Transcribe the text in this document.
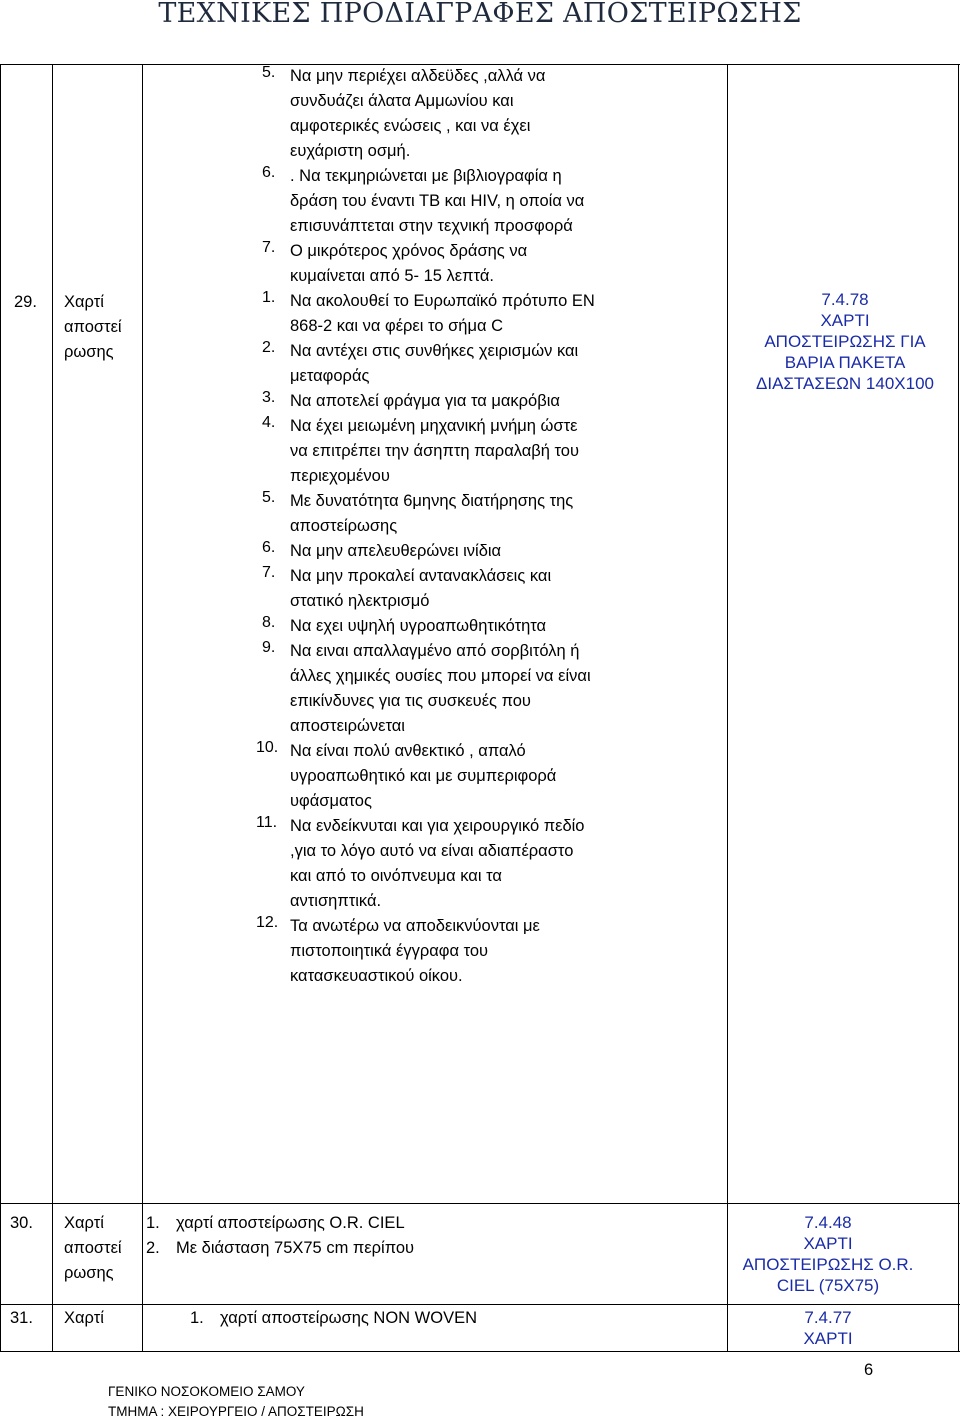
ΤΕΧΝΙΚΕΣ ΠΡΟΔΙΑΓΡΑΦΕΣ ΑΠΟΣΤΕΙΡΩΣΗΣ
29. Χαρτί
αποστεί
ρωσης
5. Να μην περιέχει αλδεϋδες ,αλλά να
συνδυάζει άλατα Αμμωνίου και
αμφοτερικές ενώσεις , και να έχει
ευχάριστη οσμή.
6. . Να τεκμηριώνεται με βιβλιογραφία η
δράση του έναντι ΤΒ και HIV, η οποία να
επισυνάπτεται στην τεχνική προσφορά
7. Ο μικρότερος χρόνος δράσης να
κυμαίνεται από 5- 15 λεπτά.
1. Να ακολουθεί το Ευρωπαϊκό πρότυπο ΕΝ
868-2 και να φέρει το σήμα C
2. Να αντέχει στις συνθήκες χειρισμών και
μεταφοράς
3. Να αποτελεί φράγμα για τα μακρόβια
4. Να έχει μειωμένη μηχανική μνήμη ώστε
να επιτρέπει την άσηπτη παραλαβή του
περιεχομένου
5. Με δυνατότητα 6μηνης διατήρησης της
αποστείρωσης
6. Να μην απελευθερώνει ινίδια
7. Να μην προκαλεί αντανακλάσεις και
στατικό ηλεκτρισμό
8. Να εχει υψηλή υγροαπωθητικότητα
9. Να ειναι απαλλαγμένο από σορβιτόλη ή
άλλες χημικές ουσίες που μπορεί να είναι
επικίνδυνες για τις συσκευές που
αποστειρώνεται
10. Να είναι πολύ ανθεκτικό , απαλό
υγροαπωθητικό και με συμπεριφορά
υφάσματος
11. Να ενδείκνυται και για χειρουργικό πεδίο
,για το λόγο αυτό να είναι αδιαπέραστο
και από το οινόπνευμα και τα
αντισηπτικά.
12. Τα ανωτέρω να αποδεικνύονται με
πιστοποιητικά έγγραφα του
κατασκευαστικού οίκου.
7.4.78
ΧΑΡΤΙ
ΑΠΟΣΤΕΙΡΩΣΗΣ ΓΙΑ
ΒΑΡΙΑ ΠΑΚΕΤΑ
ΔΙΑΣΤΑΣΕΩΝ 140Χ100
30. Χαρτί
αποστεί
ρωσης
1. χαρτί αποστείρωσης O.R. CIEL
2. Με διάσταση 75Χ75 cm περίπου
7.4.48
ΧΑΡΤΙ
ΑΠΟΣΤΕΙΡΩΣΗΣ O.R.
CIEL (75X75)
31. Χαρτί	1. χαρτί αποστείρωσης NON WOVEN	7.4.77
ΧΑΡΤΙ
6
ΓΕΝΙΚΟ ΝΟΣΟΚΟΜΕΙΟ ΣΑΜΟΥ
ΤΜΗΜΑ : ΧΕΙΡΟΥΡΓΕΙΟ / ΑΠΟΣΤΕΙΡΩΣΗ
